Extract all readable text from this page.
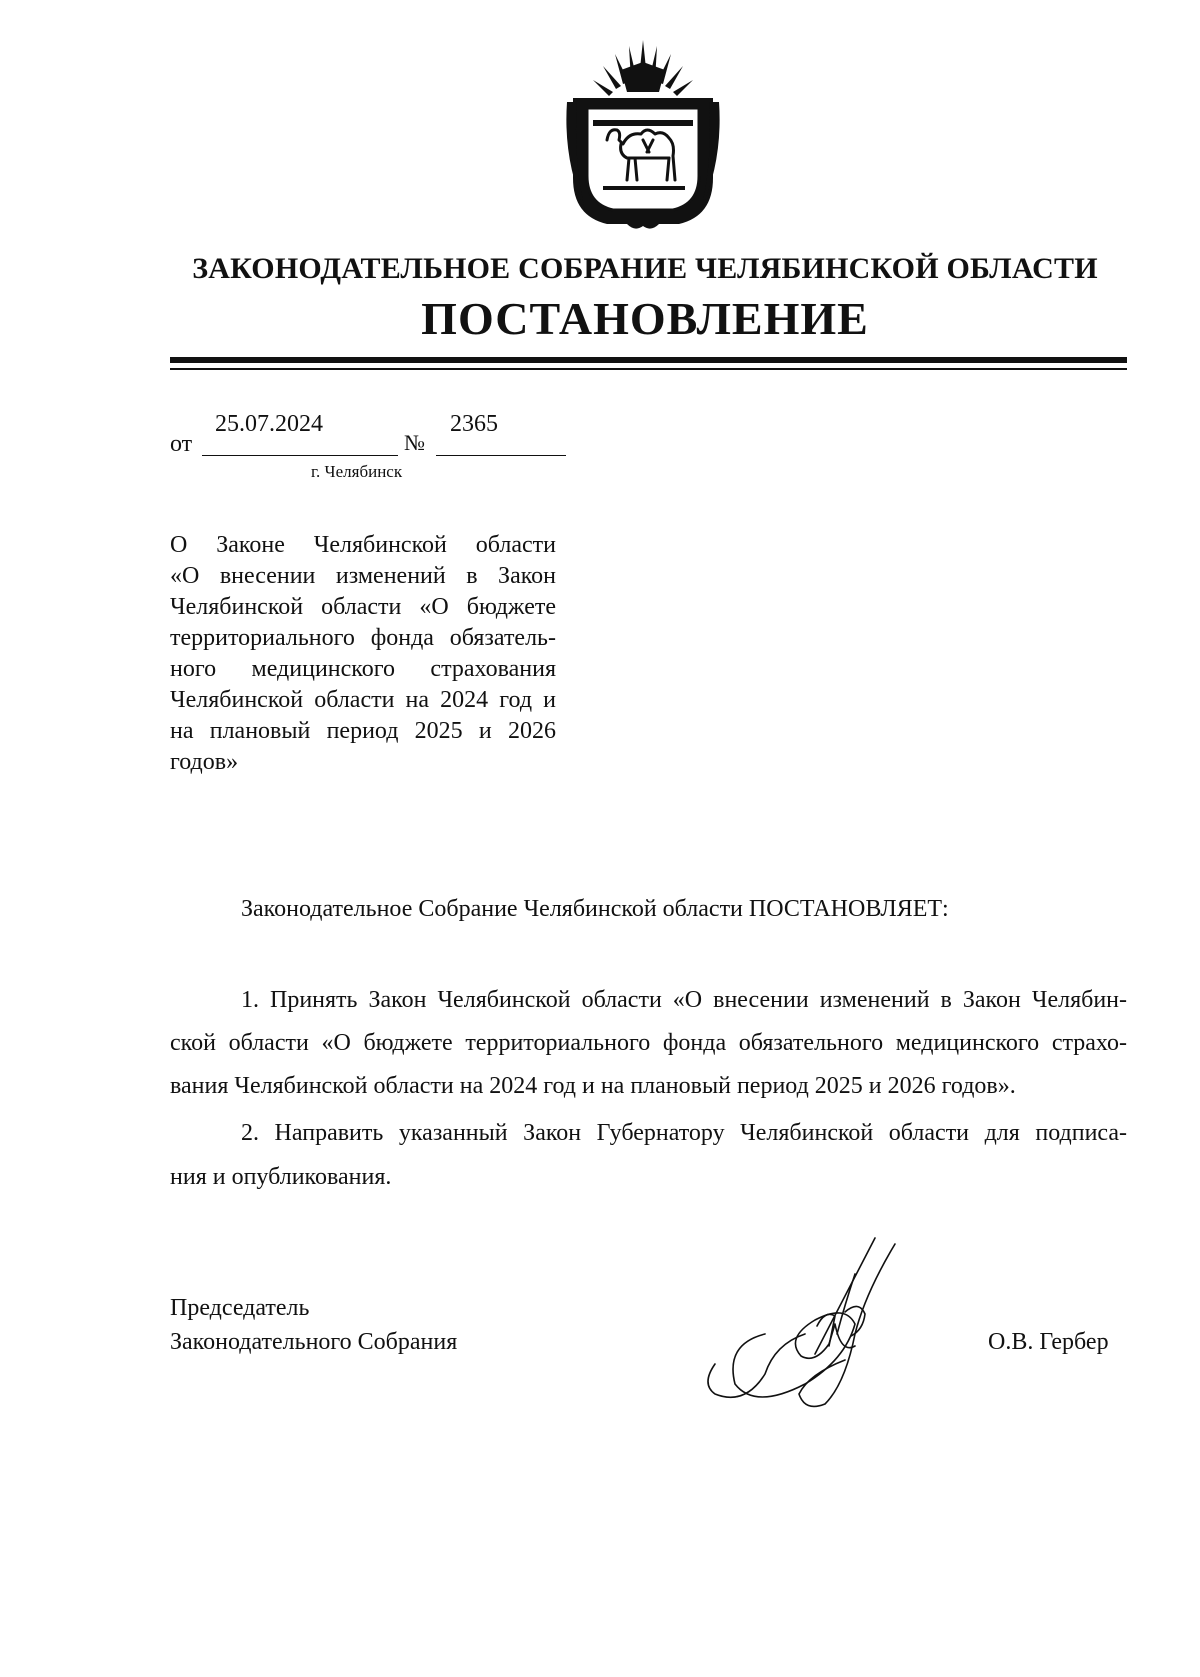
ЗАКОНОДАТЕЛЬНОЕ СОБРАНИЕ ЧЕЛЯБИНСКОЙ ОБЛАСТИ
ПОСТАНОВЛЕНИЕ
от
25.07.2024
№
2365
г. Челябинск
О Законе Челябинской области
«О внесении изменений в Закон
Челябинской области «О бюджете
территориального фонда обязатель-
ного медицинского страхования
Челябинской области на 2024 год и
на плановый период 2025 и 2026
годов»
Законодательное Собрание Челябинской области ПОСТАНОВЛЯЕТ:
1. Принять Закон Челябинской области «О внесении изменений в Закон Челябин-
ской области «О бюджете территориального фонда обязательного медицинского страхо-
вания Челябинской области на 2024 год и на плановый период 2025 и 2026 годов».
2. Направить указанный Закон Губернатору Челябинской области для подписа-
ния и опубликования.
Председатель
Законодательного Собрания	О.В. Гербер
